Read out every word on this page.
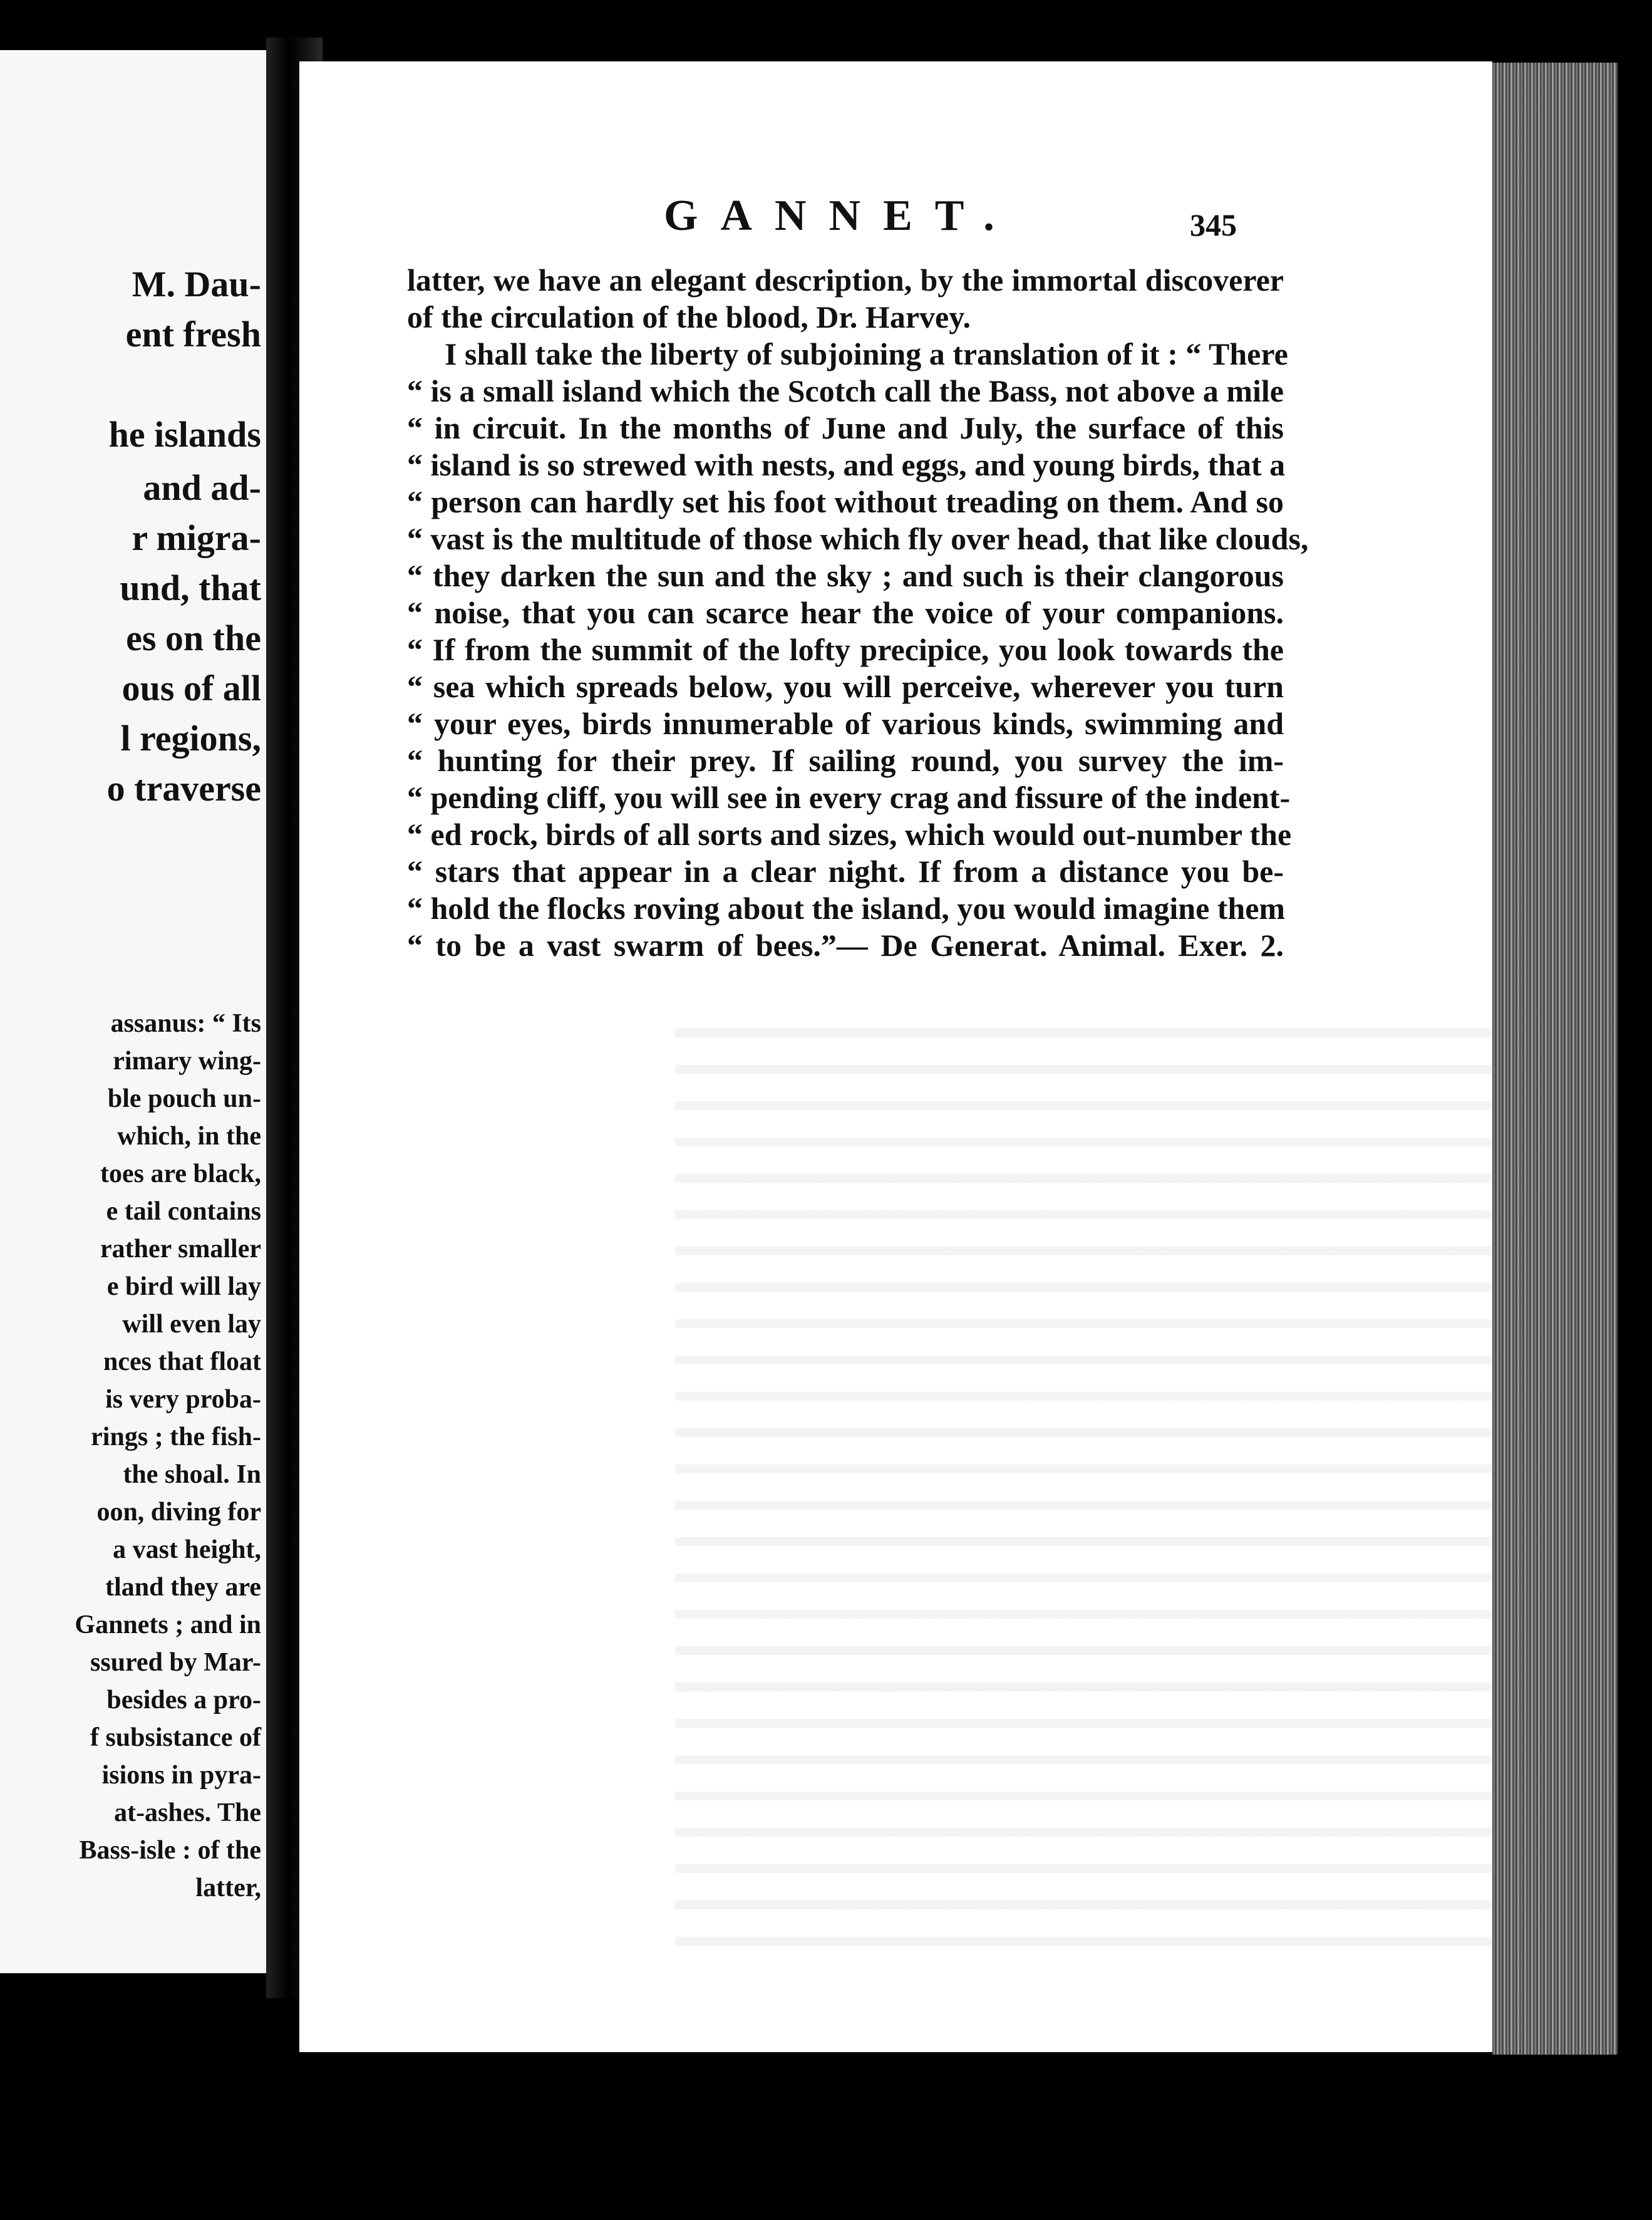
M. Dau-
ent fresh
he islands
and ad-
r migra-
und, that
es on the
ous of all
l regions,
o traverse
assanus: “ Its
rimary wing-
ble pouch un-
which, in the
toes are black,
e tail contains
rather smaller
e bird will lay
will even lay
nces that float
is very proba-
rings ; the fish-
the shoal. In
oon, diving for
a vast height,
tland they are
Gannets ; and in
ssured by Mar-
besides a pro-
f subsistance of
isions in pyra-
at-ashes. The
Bass-isle : of the
latter,
GANNET.	345
latter, we have an elegant description, by the immortal discoverer
of the circulation of the blood, Dr. Harvey.
I shall take the liberty of subjoining a translation of it : “ There
“ is a small island which the Scotch call the Bass, not above a mile
“ in circuit. In the months of June and July, the surface of this
“ island is so strewed with nests, and eggs, and young birds, that a
“ person can hardly set his foot without treading on them. And so
“ vast is the multitude of those which fly over head, that like clouds,
“ they darken the sun and the sky ; and such is their clangorous
“ noise, that you can scarce hear the voice of your companions.
“ If from the summit of the lofty precipice, you look towards the
“ sea which spreads below, you will perceive, wherever you turn
“ your eyes, birds innumerable of various kinds, swimming and
“ hunting for their prey. If sailing round, you survey the im-
“ pending cliff, you will see in every crag and fissure of the indent-
“ ed rock, birds of all sorts and sizes, which would out-number the
“ stars that appear in a clear night. If from a distance you be-
“ hold the flocks roving about the island, you would imagine them
“ to be a vast swarm of bees.”— De Generat. Animal. Exer. 2.
